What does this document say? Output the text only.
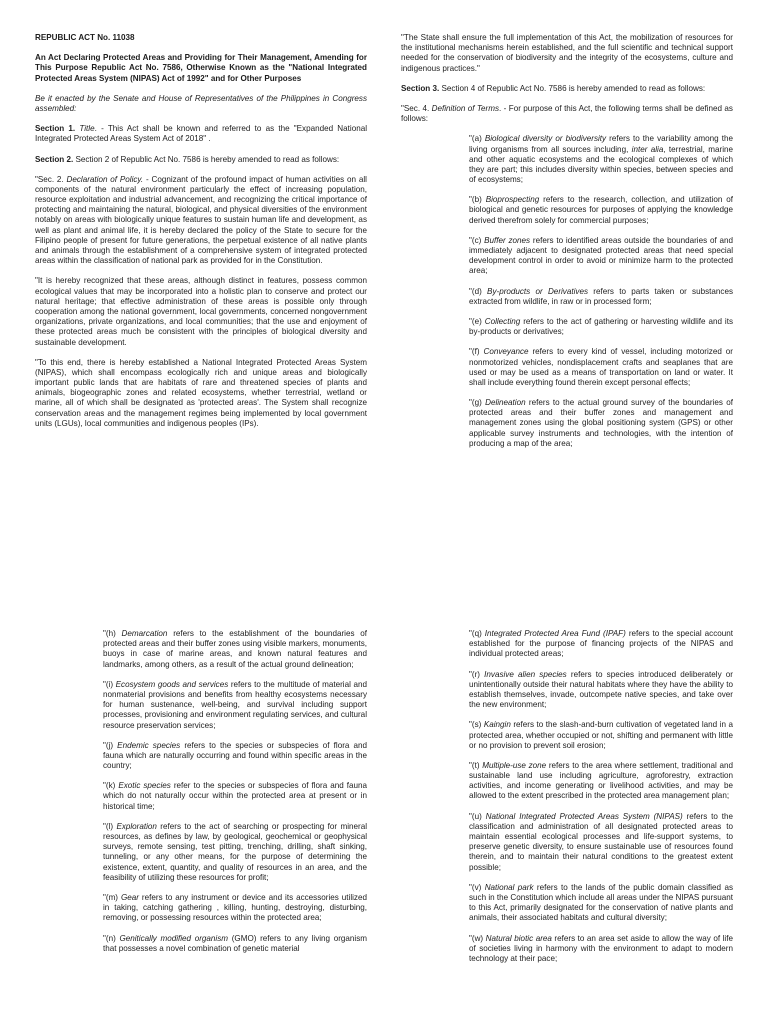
REPUBLIC ACT No. 11038

An Act Declaring Protected Areas and Providing for Their Management, Amending for This Purpose Republic Act No. 7586, Otherwise Known as the "National Integrated Protected Areas System (NIPAS) Act of 1992" and for Other Purposes

Be it enacted by the Senate and House of Representatives of the Philippines in Congress assembled:

Section 1. Title. - This Act shall be known and referred to as the "Expanded National Integrated Protected Areas System Act of 2018" .

Section 2. Section 2 of Republic Act No. 7586 is hereby amended to read as follows:

"Sec. 2. Declaration of Policy. - Cognizant of the profound impact of human activities on all components of the natural environment particularly the effect of increasing population, resource exploitation and industrial advancement, and recognizing the critical importance of protecting and maintaining the natural, biological, and physical diversities of the environment notably on areas with biologically unique features to sustain human life and development, as well as plant and animal life, it is hereby declared the policy of the State to secure for the Filipino people of present for future generations, the perpetual existence of all native plants and animals through the establishment of a comprehensive system of integrated protected areas within the classification of national park as provided for in the Constitution.

"It is hereby recognized that these areas, although distinct in features, possess common ecological values that may be incorporated into a holistic plan to conserve and protect our natural heritage; that effective administration of these areas is possible only through cooperation among the national government, local governments, concerned nongovernment organizations, private organizations, and local communities; that the use and enjoyment of these protected areas much be consistent with the principles of biological diversity and sustainable development.

"To this end, there is hereby established a National Integrated Protected Areas System (NIPAS), which shall encompass ecologically rich and unique areas and biologically important public lands that are habitats of rare and threatened species of plants and animals, biogeographic zones and related ecosystems, whether terrestrial, wetland or marine, all of which shall be designated as 'protected areas'. The System shall recognize conservation areas and the management regimes being implemented by local government units (LGUs), local communities and indigenous peoples (IPs).

"The State shall ensure the full implementation of this Act, the mobilization of resources for the institutional mechanisms herein established, and the full scientific and technical support needed for the conservation of biodiversity and the integrity of the ecosystems, culture and indigenous practices."

Section 3. Section 4 of Republic Act No. 7586 is hereby amended to read as follows:

"Sec. 4. Definition of Terms. - For purpose of this Act, the following terms shall be defined as follows:

"(a) Biological diversity or biodiversity refers to the variability among the living organisms from all sources including, inter alia, terrestrial, marine and other aquatic ecosystems and the ecological complexes of which they are part; this includes diversity within species, between species and of ecosystems;

"(b) Bioprospecting refers to the research, collection, and utilization of biological and genetic resources for purposes of applying the knowledge derived therefrom solely for commercial purposes;

"(c) Buffer zones refers to identified areas outside the boundaries of and immediately adjacent to designated protected areas that need special development control in order to avoid or minimize harm to the protected area;

"(d) By-products or Derivatives refers to parts taken or substances extracted from wildlife, in raw or in processed form;

"(e) Collecting refers to the act of gathering or harvesting wildlife and its by-products or derivatives;

"(f) Conveyance refers to every kind of vessel, including motorized or nonmotorized vehicles, nondisplacement crafts and seaplanes that are used or may be used as a means of transportation on land or water. It shall include everything found therein except personal effects;

"(g) Delineation refers to the actual ground survey of the boundaries of protected areas and their buffer zones and management and management zones using the global positioning system (GPS) or other applicable survey instruments and technologies, with the intention of producing a map of the area;

"(h) Demarcation refers to the establishment of the boundaries of protected areas and their buffer zones using visible markers, monuments, buoys in case of marine areas, and known natural features and landmarks, among others, as a result of the actual ground delineation;

"(i) Ecosystem goods and services refers to the multitude of material and nonmaterial provisions and benefits from healthy ecosystems necessary for human sustenance, well-being, and survival including support processes, provisioning and environment regulating services, and cultural resource preservation services;

"(j) Endemic species refers to the species or subspecies of flora and fauna which are naturally occurring and found within specific areas in the country;

"(k) Exotic species refer to the species or subspecies of flora and fauna which do not naturally occur within the protected area at present or in historical time;

"(l) Exploration refers to the act of searching or prospecting for mineral resources, as defines by law, by geological, geochemical or geophysical surveys, remote sensing, test pitting, trenching, drilling, shaft sinking, tunneling, or any other means, for the purpose of determining the existence, extent, quantity, and quality of resources in an area, and the feasibility of utilizing these resources for profit;

"(m) Gear refers to any instrument or device and its accessories utilized in taking, catching gathering , killing, hunting, destroying, disturbing, removing, or possessing resources within the protected area;

"(n) Genitically modified organism (GMO) refers to any living organism that possesses a novel combination of genetic material

"(q) Integrated Protected Area Fund (IPAF) refers to the special account established for the purpose of financing projects of the NIPAS and individual protected areas;

"(r) Invasive alien species refers to species introduced deliberately or unintentionally outside their natural habitats where they have the ability to establish themselves, invade, outcompete native species, and take over the new environment;

"(s) Kaingin refers to the slash-and-burn cultivation of vegetated land in a protected area, whether occupied or not, shifting and permanent with little or no provision to prevent soil erosion;

"(t) Multiple-use zone refers to the area where settlement, traditional and sustainable land use including agriculture, agroforestry, extraction activities, and income generating or livelihood activities, and may be allowed to the extent prescribed in the protected area management plan;

"(u) National Integrated Protected Areas System (NIPAS) refers to the classification and administration of all designated protected areas to maintain essential ecological processes and life-support systems, to preserve genetic diversity, to ensure sustainable use of resources found therein, and to maintain their natural conditions to the greatest extent possible;

"(v) National park refers to the lands of the public domain classified as such in the Constitution which include all areas under the NIPAS pursuant to this Act, primarily designated for the conservation of native plants and animals, their associated habitats and cultural diversity;

"(w) Natural biotic area refers to an area set aside to allow the way of life of societies living in harmony with the environment to adapt to modern technology at their pace;
